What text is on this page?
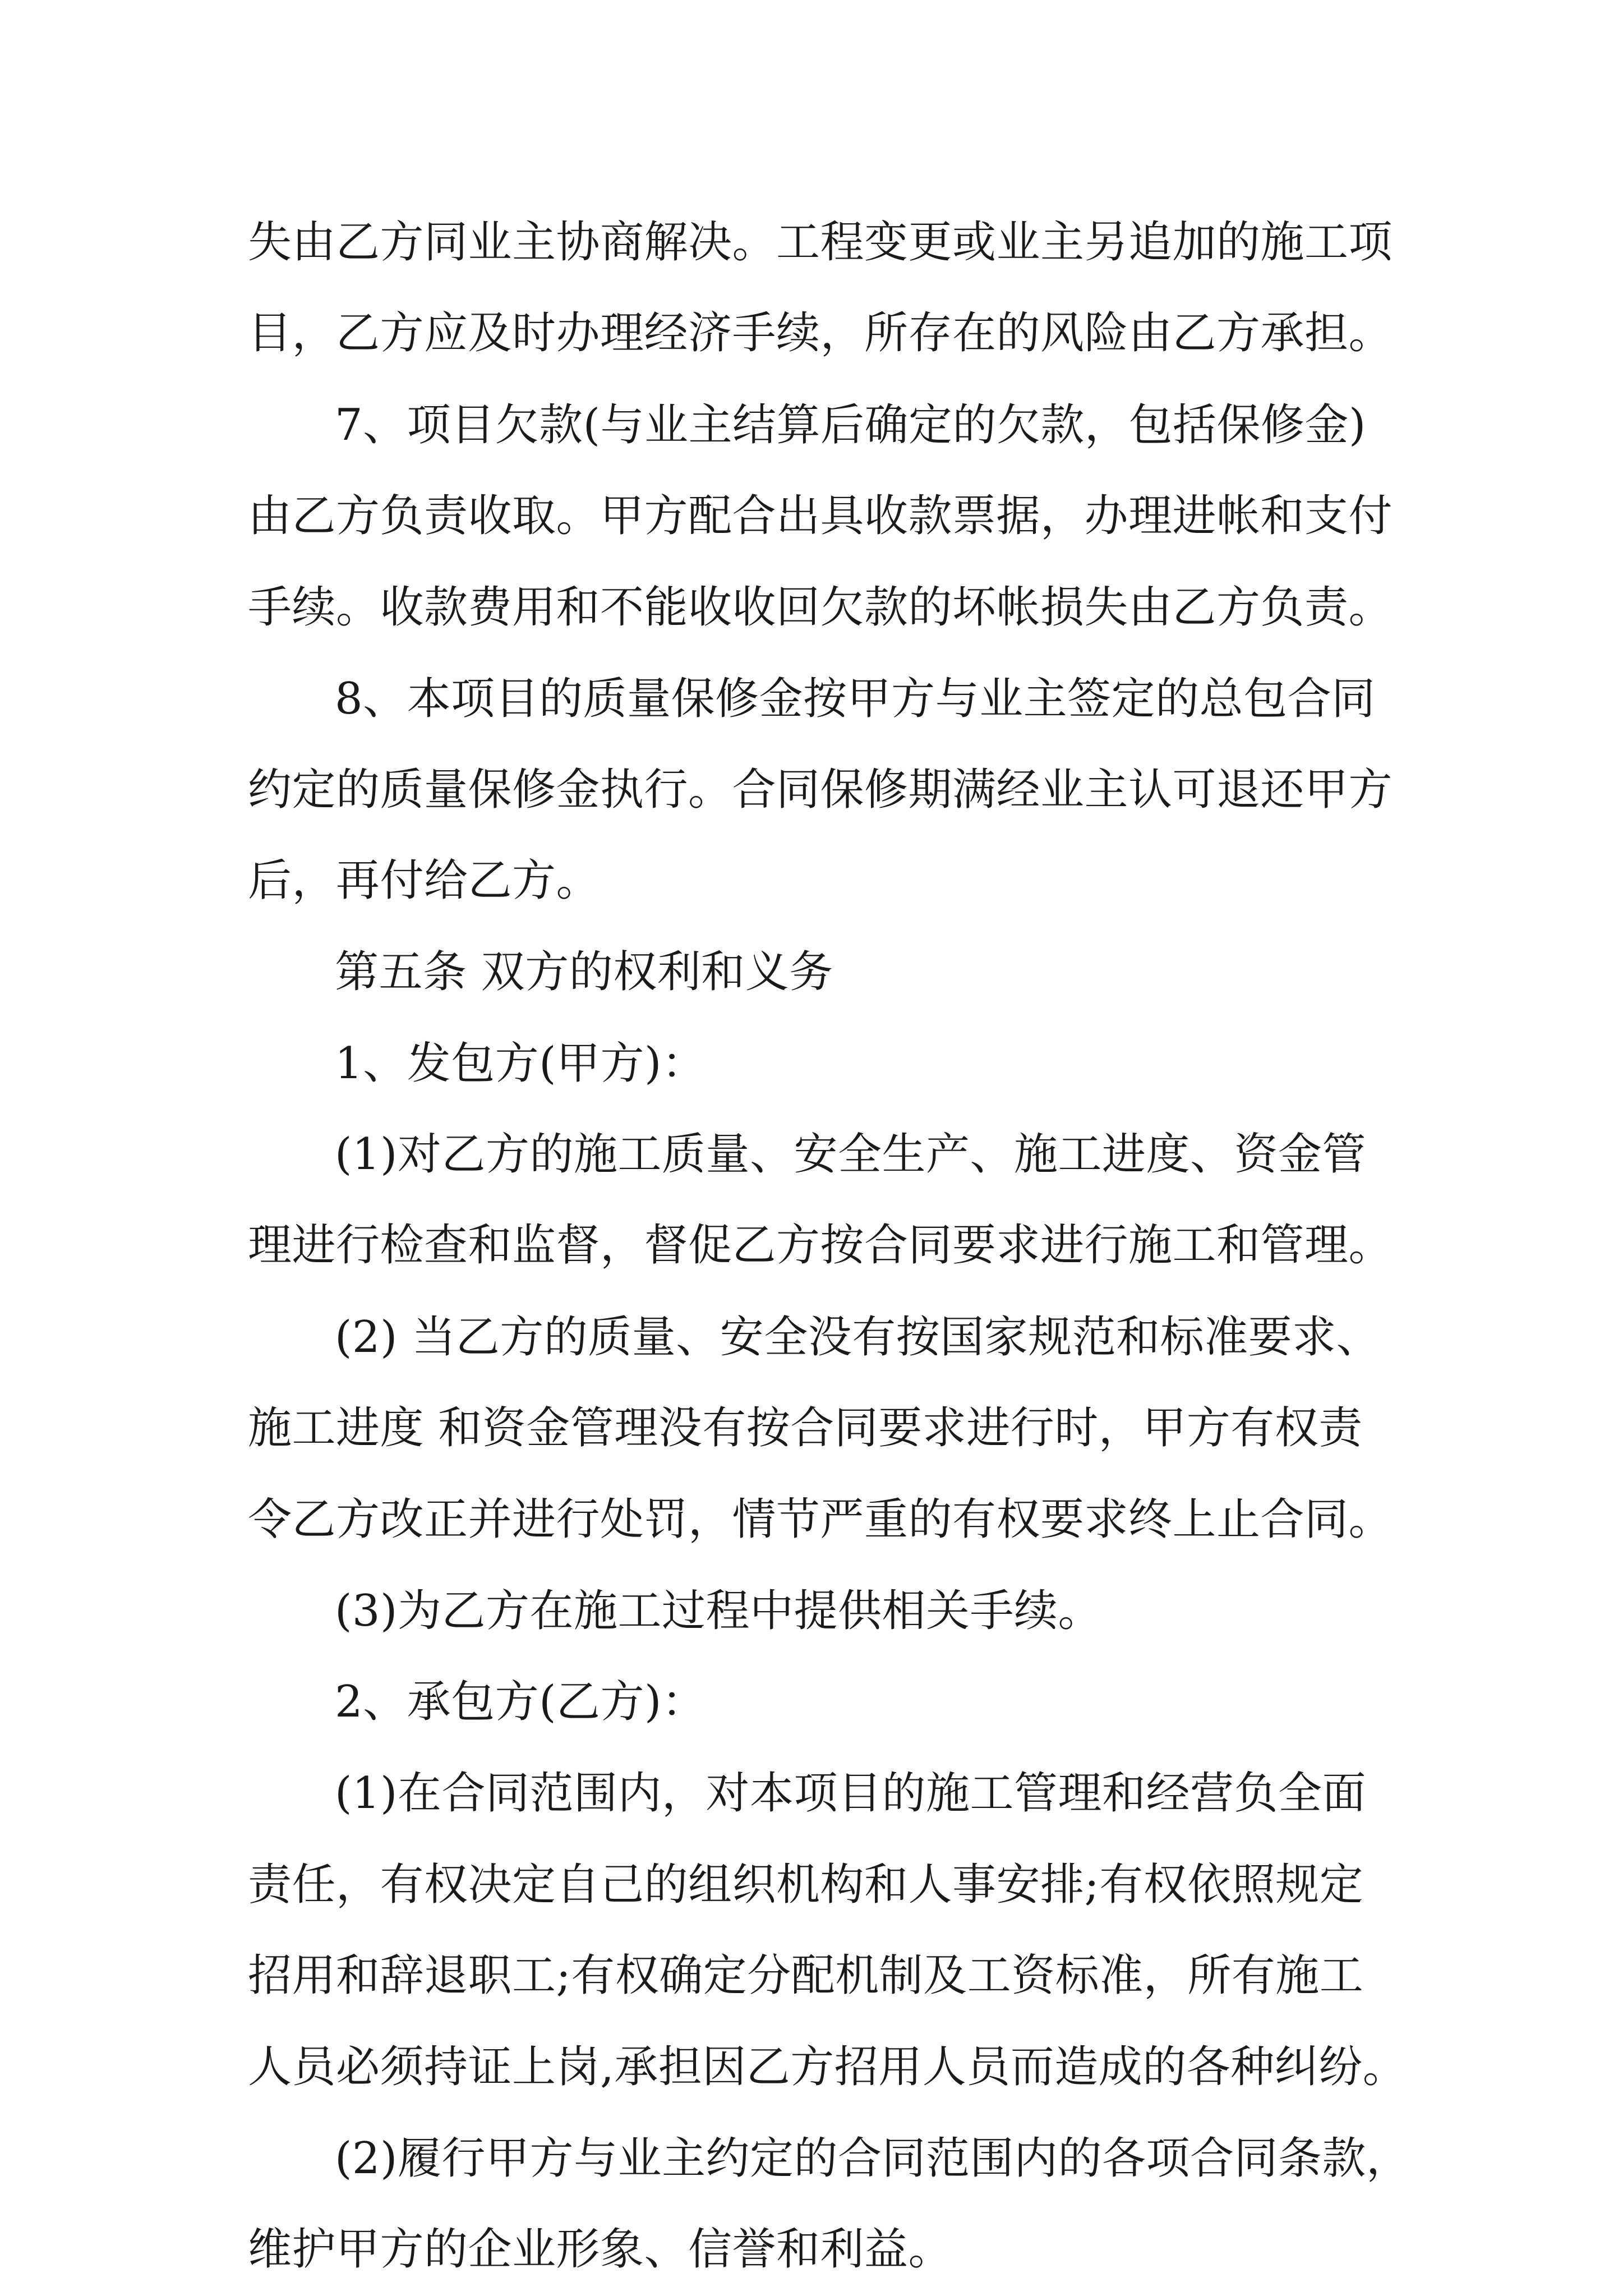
失由乙方同业主协商解决。工程变更或业主另追加的施工项
目，乙方应及时办理经济手续，所存在的风险由乙方承担。
7、项目欠款(与业主结算后确定的欠款，包括保修金)
由乙方负责收取。甲方配合出具收款票据，办理进帐和支付
手续。收款费用和不能收收回欠款的坏帐损失由乙方负责。
8、本项目的质量保修金按甲方与业主签定的总包合同
约定的质量保修金执行。合同保修期满经业主认可退还甲方
后，再付给乙方。
第五条 双方的权利和义务
1、发包方(甲方)：
(1)对乙方的施工质量、安全生产、施工进度、资金管
理进行检查和监督，督促乙方按合同要求进行施工和管理。
(2) 当乙方的质量、安全没有按国家规范和标准要求、
施工进度 和资金管理没有按合同要求进行时，甲方有权责
令乙方改正并进行处罚，情节严重的有权要求终上止合同。
(3)为乙方在施工过程中提供相关手续。
2、承包方(乙方)：
(1)在合同范围内，对本项目的施工管理和经营负全面
责任，有权决定自己的组织机构和人事安排;有权依照规定
招用和辞退职工;有权确定分配机制及工资标准，所有施工
人员必须持证上岗,承担因乙方招用人员而造成的各种纠纷。
(2)履行甲方与业主约定的合同范围内的各项合同条款，
维护甲方的企业形象、信誉和利益。
